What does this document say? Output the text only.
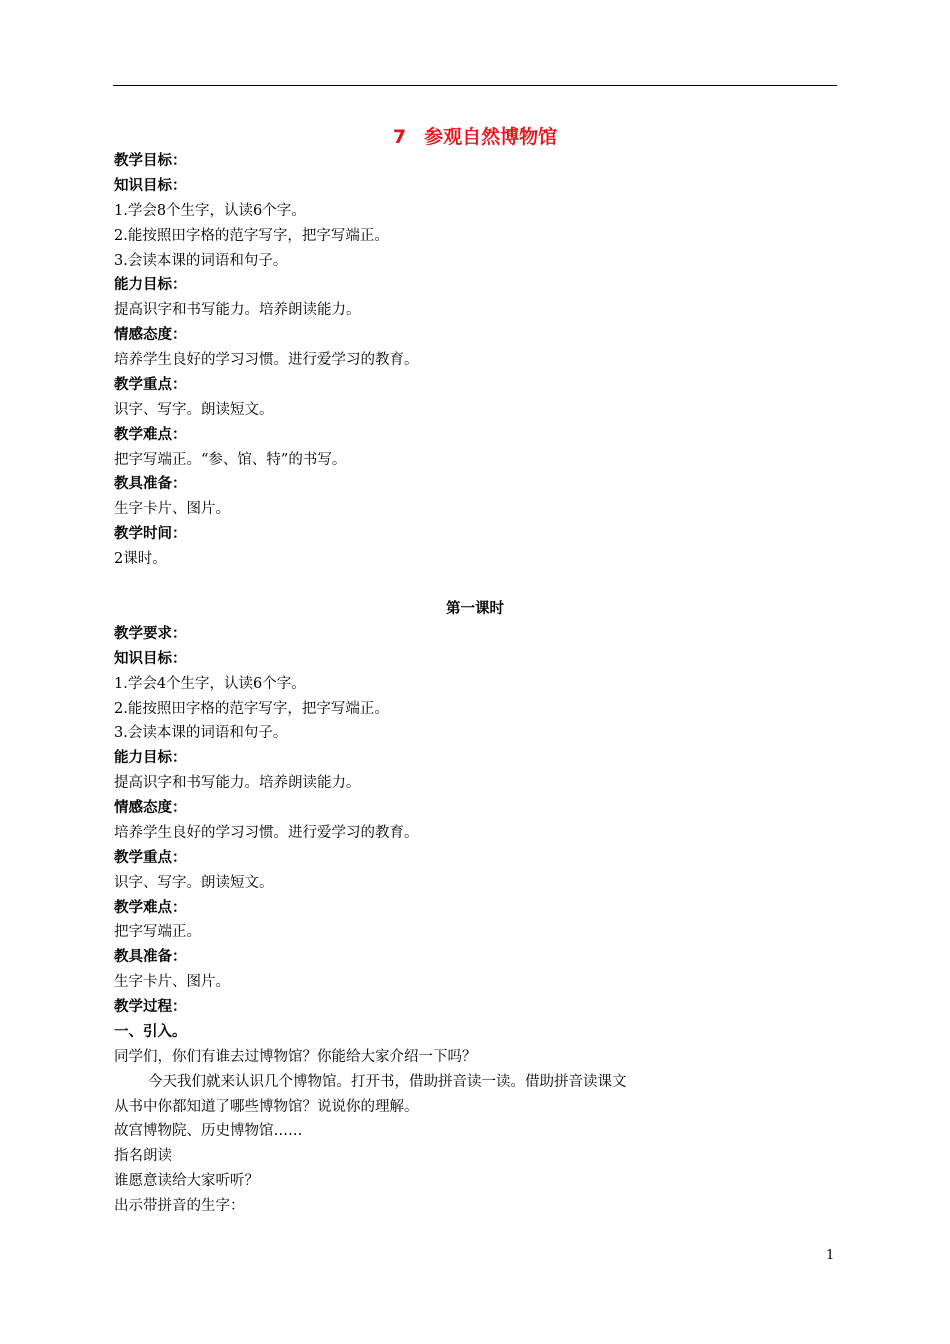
7 参观自然博物馆
教学目标：
知识目标：
1.学会8个生字，认读6个字。
2.能按照田字格的范字写字，把字写端正。
3.会读本课的词语和句子。
能力目标：
提高识字和书写能力。培养朗读能力。
情感态度：
培养学生良好的学习习惯。进行爱学习的教育。
教学重点：
识字、写字。朗读短文。
教学难点：
把字写端正。“参、馆、特”的书写。
教具准备：
生字卡片、图片。
教学时间：
2课时。
第一课时
教学要求：
知识目标：
1.学会4个生字，认读6个字。
2.能按照田字格的范字写字，把字写端正。
3.会读本课的词语和句子。
能力目标：
提高识字和书写能力。培养朗读能力。
情感态度：
培养学生良好的学习习惯。进行爱学习的教育。
教学重点：
识字、写字。朗读短文。
教学难点：
把字写端正。
教具准备：
生字卡片、图片。
教学过程：
一、引入。
同学们，你们有谁去过博物馆？你能给大家介绍一下吗？
今天我们就来认识几个博物馆。打开书，借助拼音读一读。借助拼音读课文
从书中你都知道了哪些博物馆？说说你的理解。
故宫博物院、历史博物馆……
指名朗读
谁愿意读给大家听听？
出示带拼音的生字：
1
